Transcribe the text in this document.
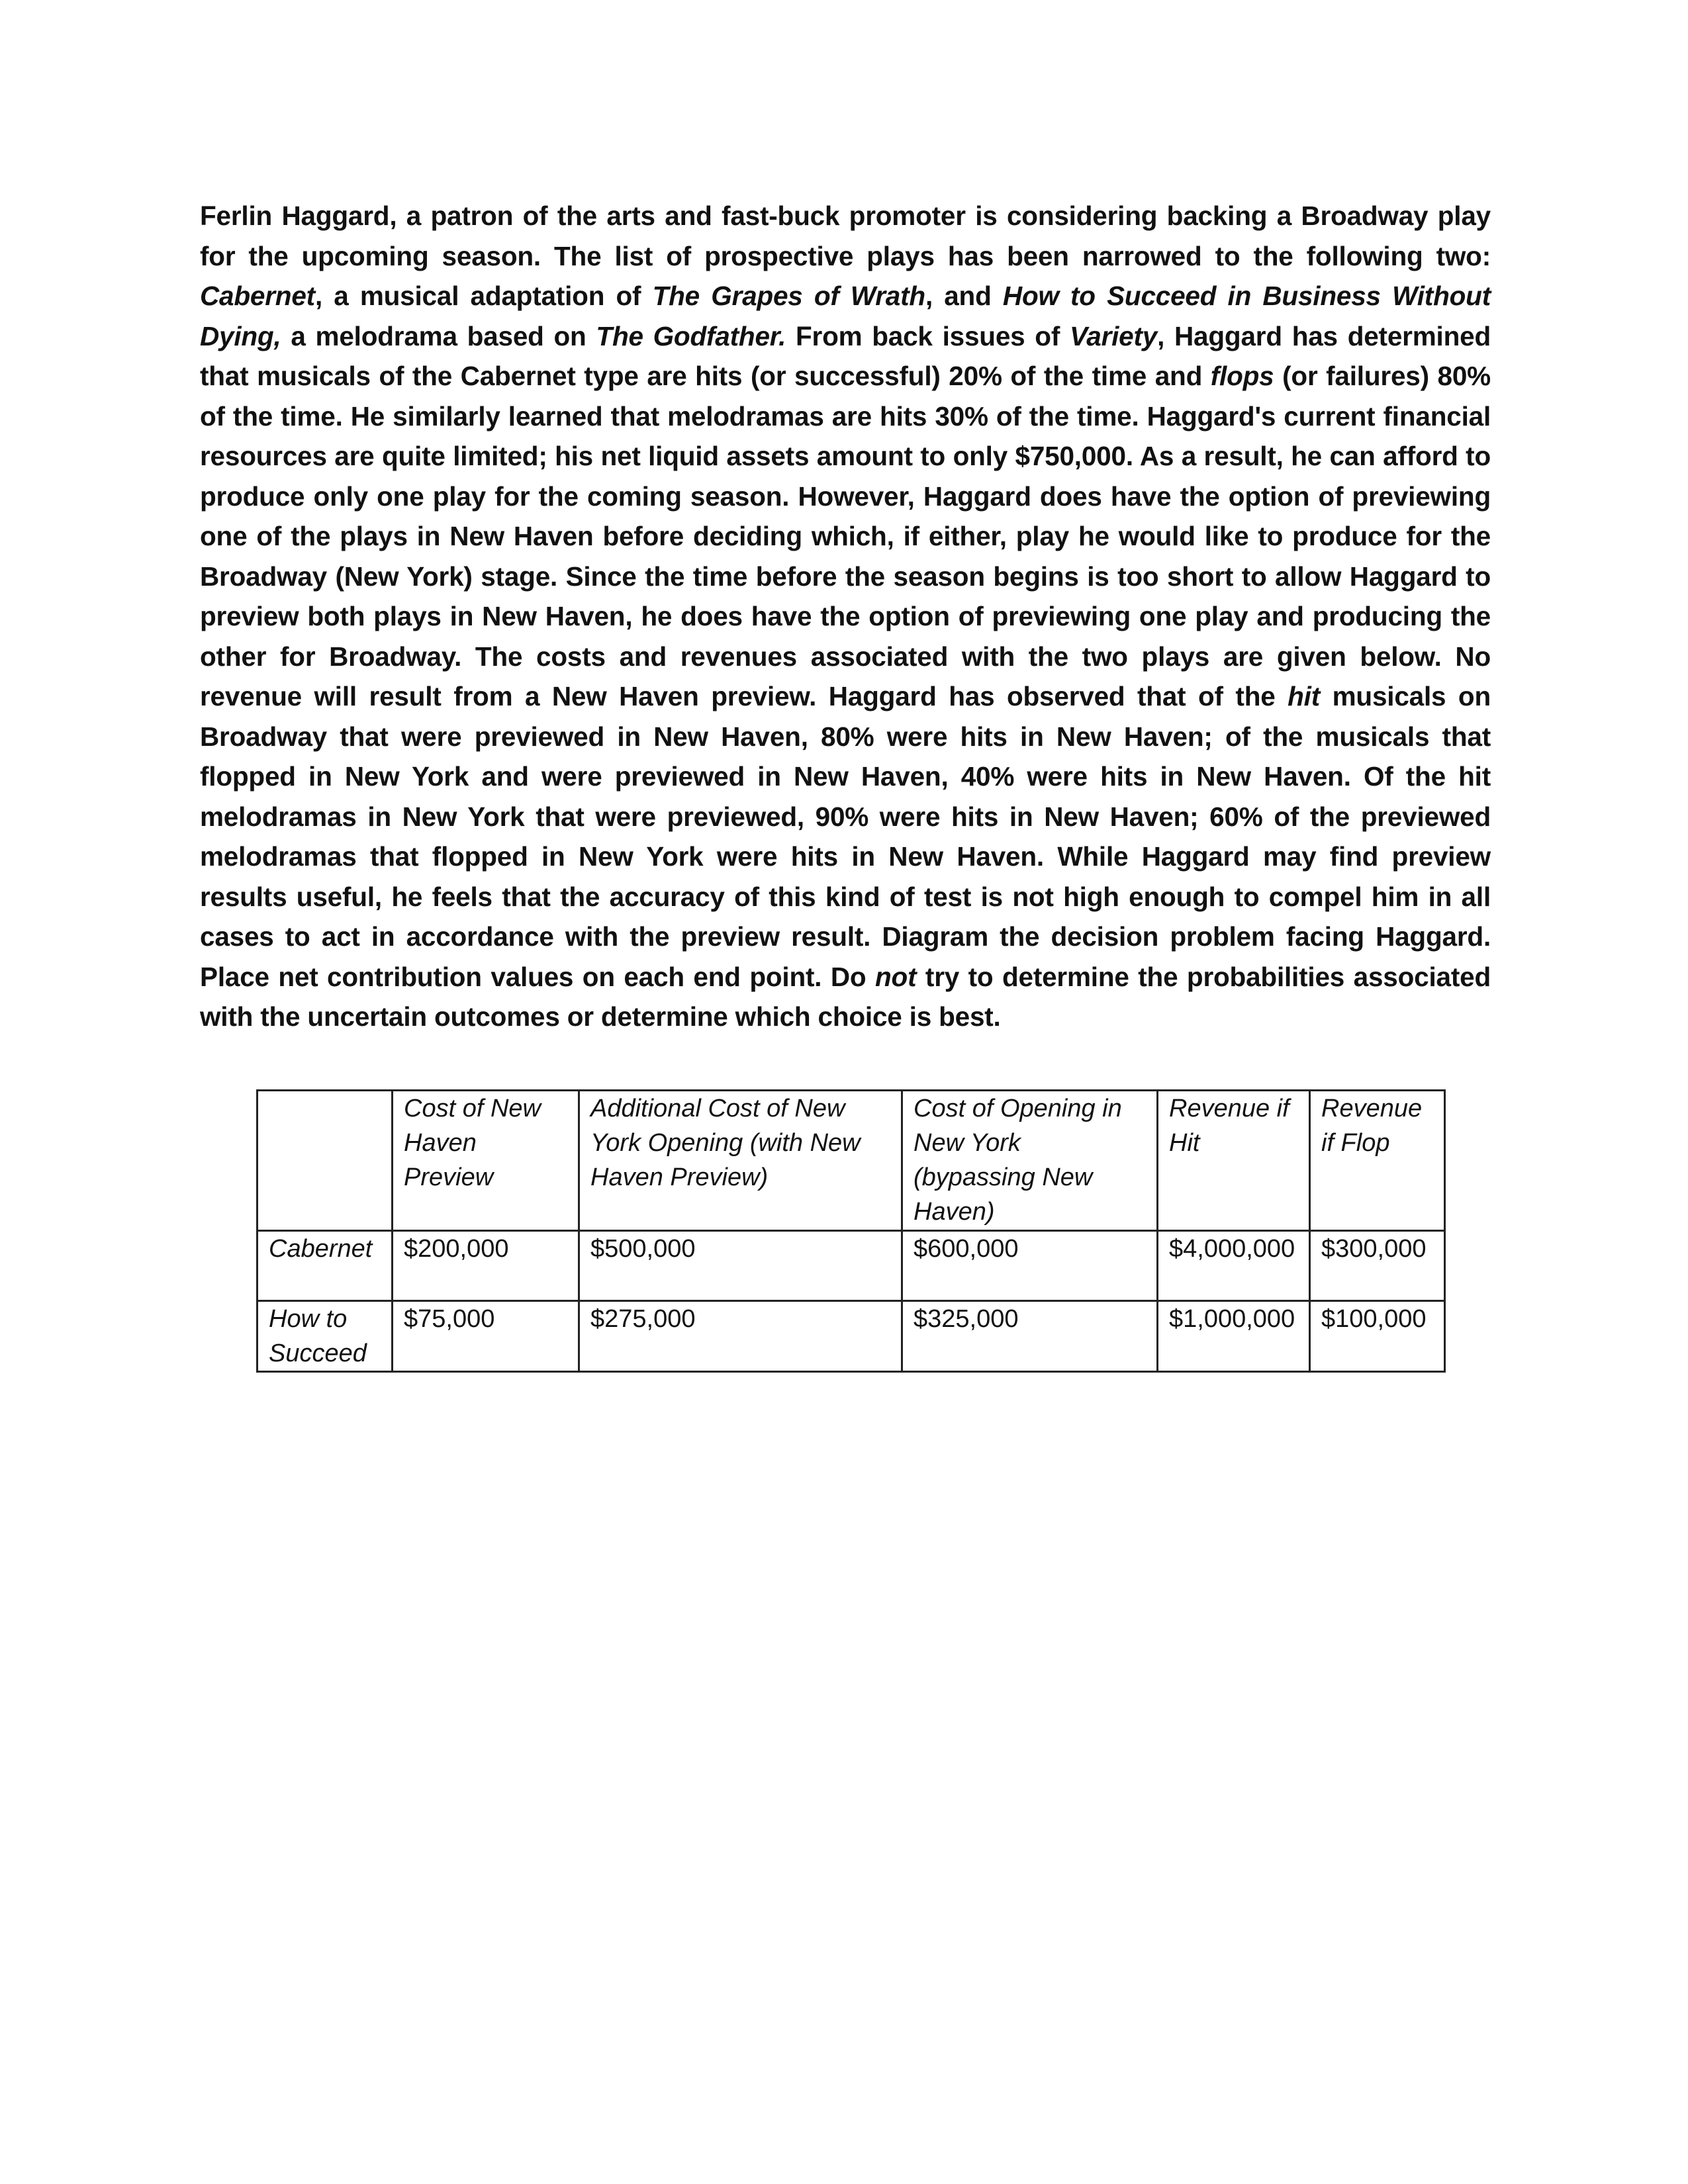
Ferlin Haggard, a patron of the arts and fast-buck promoter is considering backing a Broadway play for the upcoming season. The list of prospective plays has been narrowed to the following two: Cabernet, a musical adaptation of The Grapes of Wrath, and How to Succeed in Business Without Dying, a melodrama based on The Godfather. From back issues of Variety, Haggard has determined that musicals of the Cabernet type are hits (or successful) 20% of the time and flops (or failures) 80% of the time. He similarly learned that melodramas are hits 30% of the time. Haggard's current financial resources are quite limited; his net liquid assets amount to only $750,000. As a result, he can afford to produce only one play for the coming season. However, Haggard does have the option of previewing one of the plays in New Haven before deciding which, if either, play he would like to produce for the Broadway (New York) stage. Since the time before the season begins is too short to allow Haggard to preview both plays in New Haven, he does have the option of previewing one play and producing the other for Broadway. The costs and revenues associated with the two plays are given below. No revenue will result from a New Haven preview. Haggard has observed that of the hit musicals on Broadway that were previewed in New Haven, 80% were hits in New Haven; of the musicals that flopped in New York and were previewed in New Haven, 40% were hits in New Haven. Of the hit melodramas in New York that were previewed, 90% were hits in New Haven; 60% of the previewed melodramas that flopped in New York were hits in New Haven. While Haggard may find preview results useful, he feels that the accuracy of this kind of test is not high enough to compel him in all cases to act in accordance with the preview result. Diagram the decision problem facing Haggard. Place net contribution values on each end point. Do not try to determine the probabilities associated with the uncertain outcomes or determine which choice is best.

	Cost of New Haven Preview	Additional Cost of New York Opening (with New Haven Preview)	Cost of Opening in New York (bypassing New Haven)	Revenue if Hit	Revenue if Flop
Cabernet	$200,000	$500,000	$600,000	$4,000,000	$300,000
How to Succeed	$75,000	$275,000	$325,000	$1,000,000	$100,000
